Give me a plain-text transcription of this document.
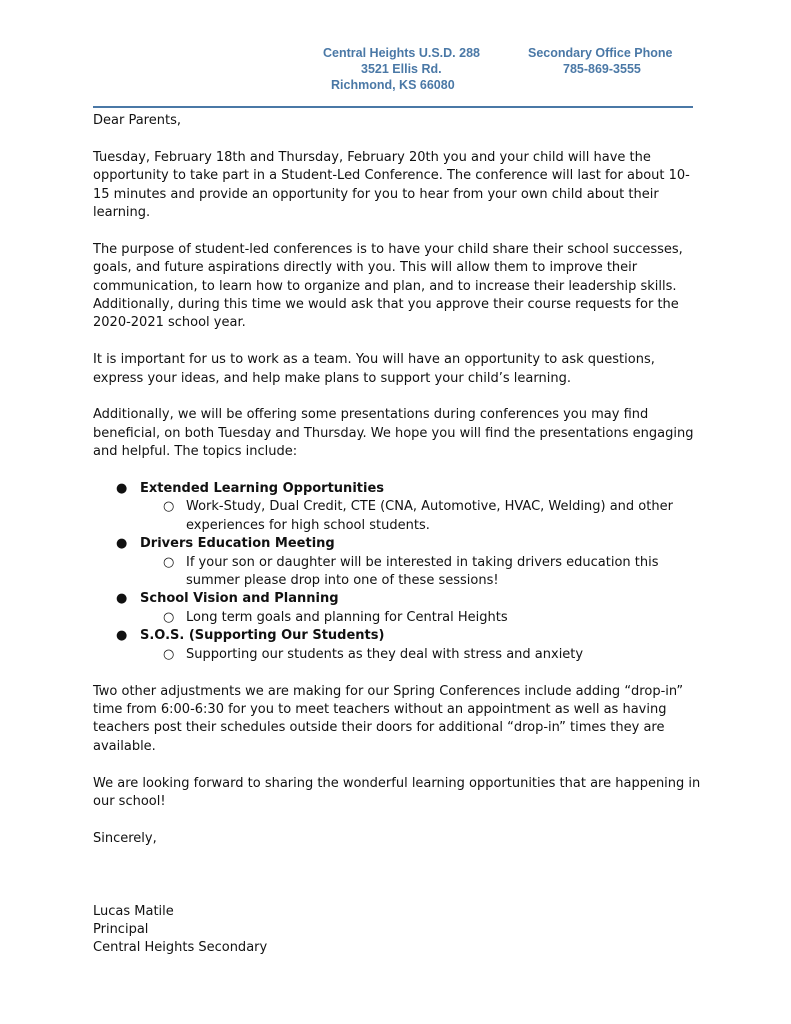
Central Heights U.S.D. 288
3521 Ellis Rd.
Richmond, KS 66080
Secondary Office Phone
785-869-3555

Dear Parents,

Tuesday, February 18th and Thursday, February 20th you and your child will have the opportunity to take part in a Student-Led Conference. The conference will last for about 10-15 minutes and provide an opportunity for you to hear from your own child about their learning.

The purpose of student-led conferences is to have your child share their school successes, goals, and future aspirations directly with you. This will allow them to improve their communication, to learn how to organize and plan, and to increase their leadership skills. Additionally, during this time we would ask that you approve their course requests for the 2020-2021 school year.

It is important for us to work as a team. You will have an opportunity to ask questions, express your ideas, and help make plans to support your child’s learning.

Additionally, we will be offering some presentations during conferences you may find beneficial, on both Tuesday and Thursday. We hope you will find the presentations engaging and helpful. The topics include:

● Extended Learning Opportunities
○ Work-Study, Dual Credit, CTE (CNA, Automotive, HVAC, Welding) and other experiences for high school students.
● Drivers Education Meeting
○ If your son or daughter will be interested in taking drivers education this summer please drop into one of these sessions!
● School Vision and Planning
○ Long term goals and planning for Central Heights
● S.O.S. (Supporting Our Students)
○ Supporting our students as they deal with stress and anxiety

Two other adjustments we are making for our Spring Conferences include adding “drop-in” time from 6:00-6:30 for you to meet teachers without an appointment as well as having teachers post their schedules outside their doors for additional “drop-in” times they are available.

We are looking forward to sharing the wonderful learning opportunities that are happening in our school!

Sincerely,

Lucas Matile
Principal
Central Heights Secondary
